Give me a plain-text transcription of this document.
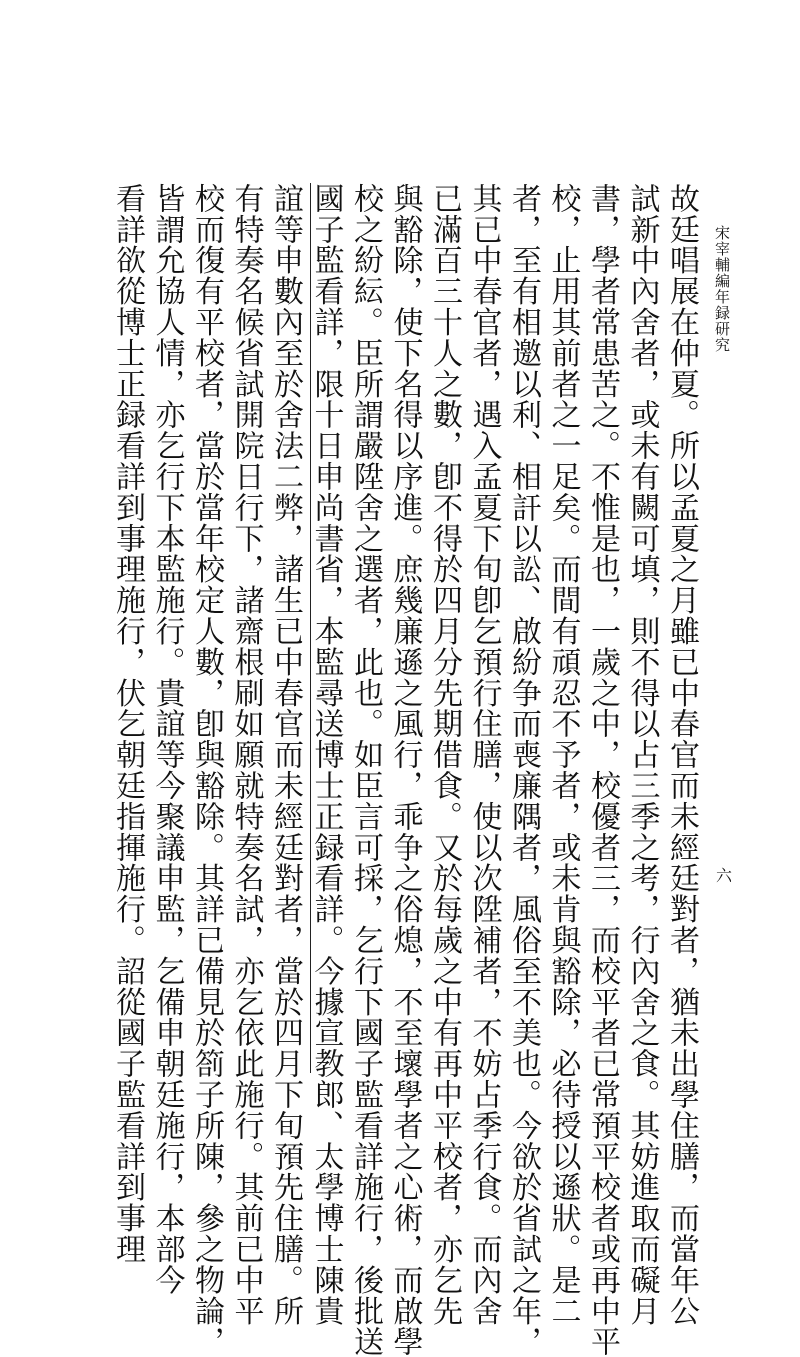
宋宰輔編年録研究
六
故廷唱展在仲夏。所以孟夏之月雖已中春官而未經廷對者，猶未出學住膳，而當年公
試新中內舍者，或未有闕可填，則不得以占三季之考，行內舍之食。其妨進取而礙月
書，學者常患苦之。不惟是也，一歲之中，校優者三，而校平者已常預平校者或再中平
校，止用其前者之一足矣。而間有頑忍不予者，或未肯與豁除，必待授以遜狀。是二
者，至有相邀以利、相訐以訟、啟紛争而喪廉隅者，風俗至不美也。今欲於省試之年，
其已中春官者，遇入孟夏下旬卽乞預行住膳，使以次陞補者，不妨占季行食。而內舍
已滿百三十人之數，卽不得於四月分先期借食。又於每歲之中有再中平校者，亦乞先
與豁除，使下名得以序進。庶幾廉遜之風行，乖争之俗熄，不至壞學者之心術，而啟學
校之紛紜。臣所謂嚴陞舍之選者，此也。如臣言可採，乞行下國子監看詳施行，後批送
國子監看詳，限十日申尚書省，本監尋送博士正録看詳。今據宣教郎、太學博士陳貴
誼等申數內至於舍法二弊，諸生已中春官而未經廷對者，當於四月下旬預先住膳。所
有特奏名候省試開院日行下，諸齋根刷如願就特奏名試，亦乞依此施行。其前已中平
校而復有平校者，當於當年校定人數，卽與豁除。其詳已備見於箚子所陳，參之物論，
皆謂允協人情，亦乞行下本監施行。貴誼等今聚議申監，乞備申朝廷施行，本部今
看詳欲從博士正録看詳到事理施行，伏乞朝廷指揮施行。詔從國子監看詳到事理
